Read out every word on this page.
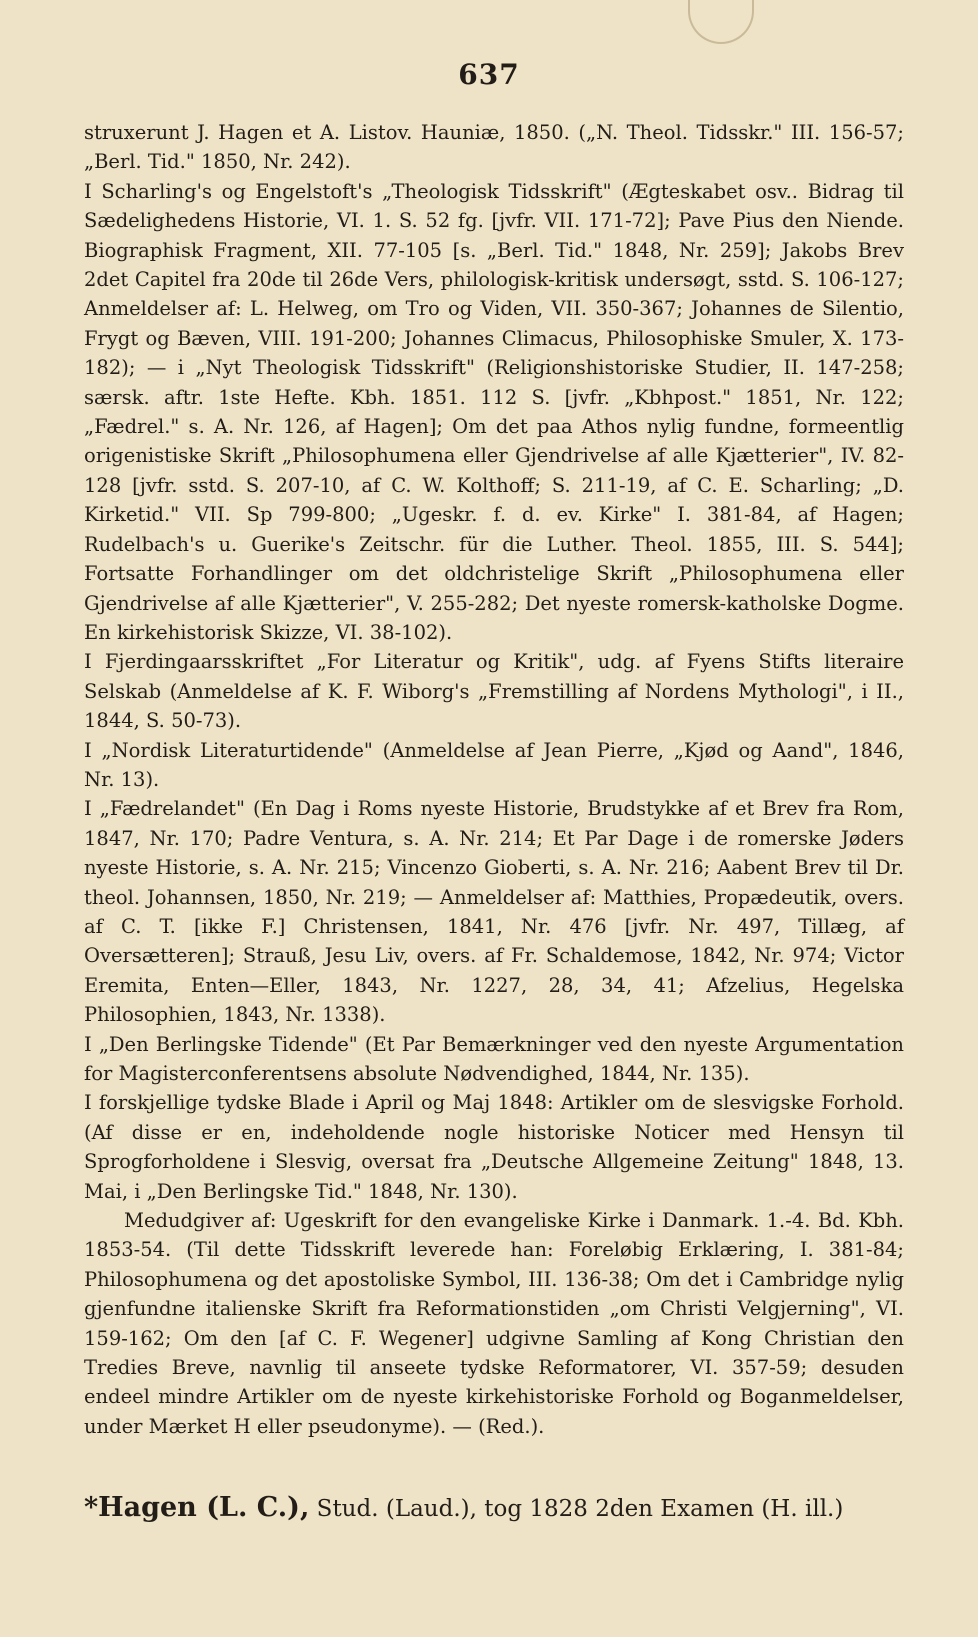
637

struxerunt J. Hagen et A. Listov. Hauniæ, 1850. („N. Theol. Tidsskr." III. 156-57; „Berl. Tid." 1850, Nr. 242).

I Scharling's og Engelstoft's „Theologisk Tidsskrift" (Ægteskabet osv.. Bidrag til Sædelighedens Historie, VI. 1. S. 52 fg. [jvfr. VII. 171-72]; Pave Pius den Niende. Biographisk Fragment, XII. 77-105 [s. „Berl. Tid." 1848, Nr. 259]; Jakobs Brev 2det Capitel fra 20de til 26de Vers, philologisk-kritisk undersøgt, sstd. S. 106-127; Anmeldelser af: L. Helweg, om Tro og Viden, VII. 350-367; Johannes de Silentio, Frygt og Bæven, VIII. 191-200; Johannes Climacus, Philosophiske Smuler, X. 173-182); — i „Nyt Theologisk Tidsskrift" (Religionshistoriske Studier, II. 147-258; særsk. aftr. 1ste Hefte. Kbh. 1851. 112 S. [jvfr. „Kbhpost." 1851, Nr. 122; „Fædrel." s. A. Nr. 126, af Hagen]; Om det paa Athos nylig fundne, formeentlig origenistiske Skrift „Philosophumena eller Gjendrivelse af alle Kjætterier", IV. 82-128 [jvfr. sstd. S. 207-10, af C. W. Kolthoff; S. 211-19, af C. E. Scharling; „D. Kirketid." VII. Sp 799-800; „Ugeskr. f. d. ev. Kirke" I. 381-84, af Hagen; Rudelbach's u. Guerike's Zeitschr. für die Luther. Theol. 1855, III. S. 544]; Fortsatte Forhandlinger om det oldchristelige Skrift „Philosophumena eller Gjendrivelse af alle Kjætterier", V. 255-282; Det nyeste romersk-katholske Dogme. En kirkehistorisk Skizze, VI. 38-102).

I Fjerdingaarsskriftet „For Literatur og Kritik", udg. af Fyens Stifts literaire Selskab (Anmeldelse af K. F. Wiborg's „Fremstilling af Nordens Mythologi", i II., 1844, S. 50-73).

I „Nordisk Literaturtidende" (Anmeldelse af Jean Pierre, „Kjød og Aand", 1846, Nr. 13).

I „Fædrelandet" (En Dag i Roms nyeste Historie, Brudstykke af et Brev fra Rom, 1847, Nr. 170; Padre Ventura, s. A. Nr. 214; Et Par Dage i de romerske Jøders nyeste Historie, s. A. Nr. 215; Vincenzo Gioberti, s. A. Nr. 216; Aabent Brev til Dr. theol. Johannsen, 1850, Nr. 219; — Anmeldelser af: Matthies, Propædeutik, overs. af C. T. [ikke F.] Christensen, 1841, Nr. 476 [jvfr. Nr. 497, Tillæg, af Oversætteren]; Strauß, Jesu Liv, overs. af Fr. Schaldemose, 1842, Nr. 974; Victor Eremita, Enten—Eller, 1843, Nr. 1227, 28, 34, 41; Afzelius, Hegelska Philosophien, 1843, Nr. 1338).

I „Den Berlingske Tidende" (Et Par Bemærkninger ved den nyeste Argumentation for Magisterconferentsens absolute Nødvendighed, 1844, Nr. 135).

I forskjellige tydske Blade i April og Maj 1848: Artikler om de slesvigske Forhold. (Af disse er en, indeholdende nogle historiske Noticer med Hensyn til Sprogforholdene i Slesvig, oversat fra „Deutsche Allgemeine Zeitung" 1848, 13. Mai, i „Den Berlingske Tid." 1848, Nr. 130).

Medudgiver af: Ugeskrift for den evangeliske Kirke i Danmark. 1.-4. Bd. Kbh. 1853-54. (Til dette Tidsskrift leverede han: Foreløbig Erklæring, I. 381-84; Philosophumena og det apostoliske Symbol, III. 136-38; Om det i Cambridge nylig gjenfundne italienske Skrift fra Reformationstiden „om Christi Velgjerning", VI. 159-162; Om den [af C. F. Wegener] udgivne Samling af Kong Christian den Tredies Breve, navnlig til anseete tydske Reformatorer, VI. 357-59; desuden endeel mindre Artikler om de nyeste kirkehistoriske Forhold og Boganmeldelser, under Mærket H eller pseudonyme). — (Red.).

*Hagen (L. C.), Stud. (Laud.), tog 1828 2den Examen (H. ill.)
